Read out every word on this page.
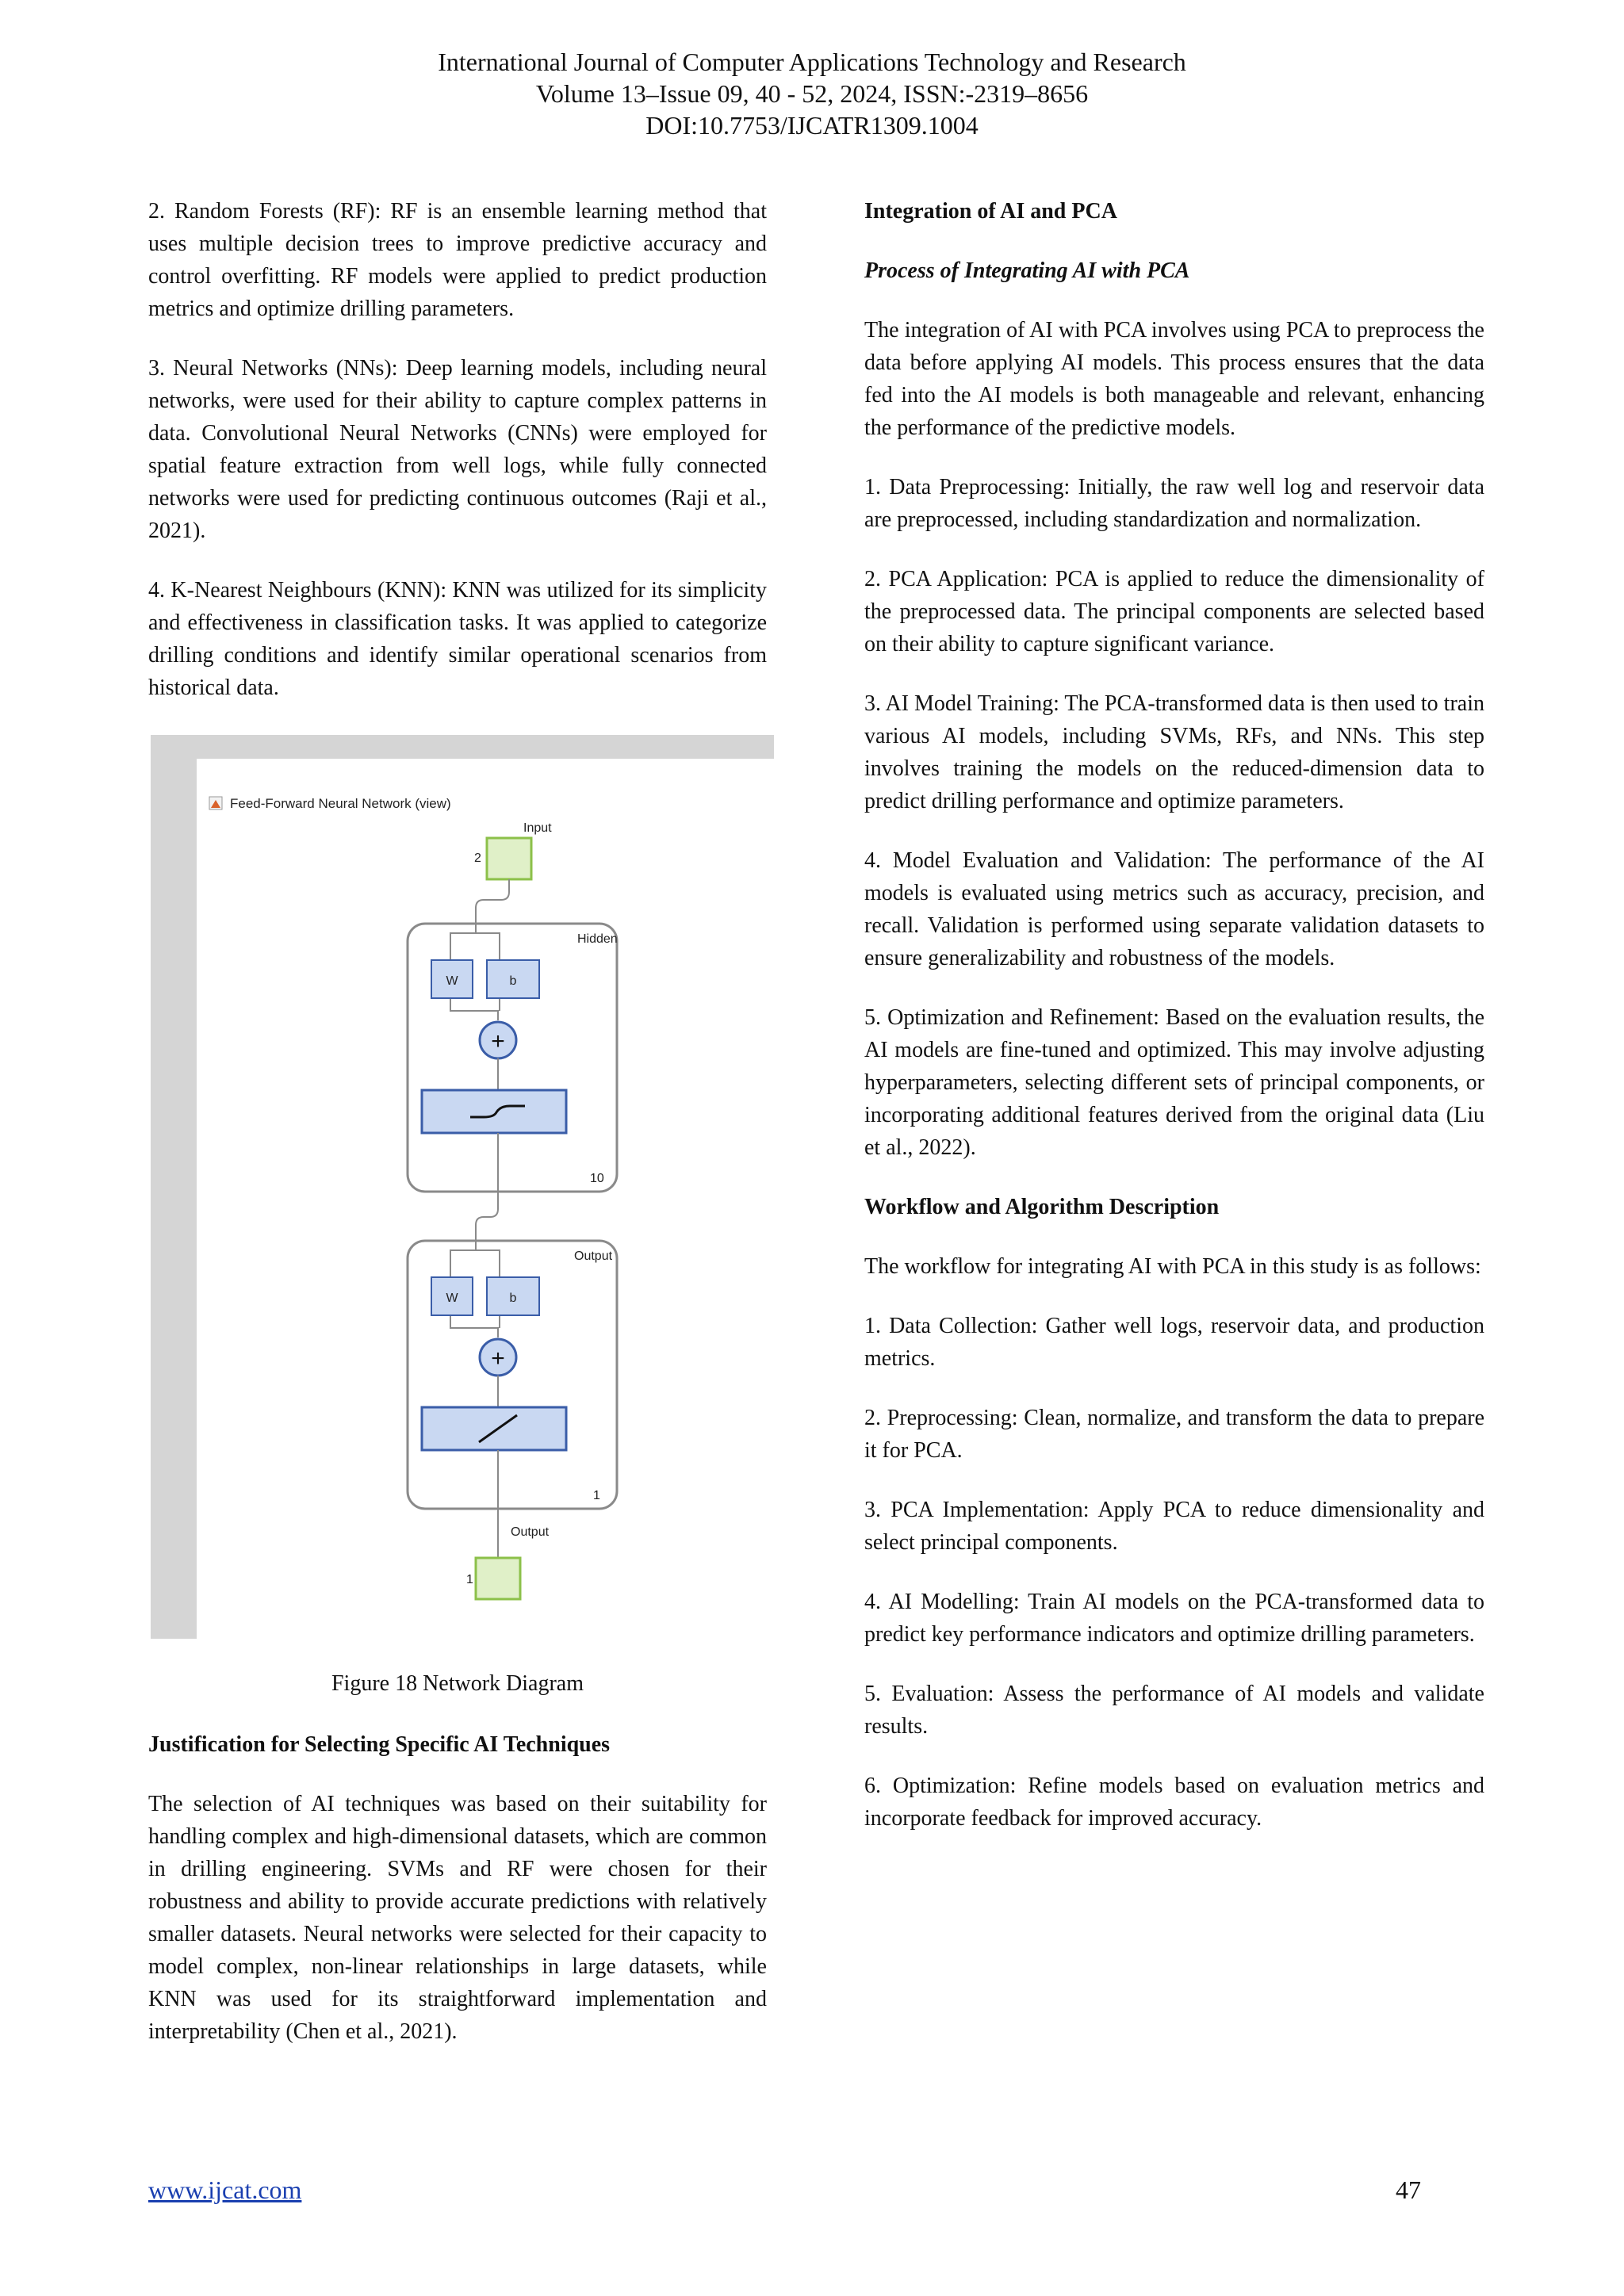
International Journal of Computer Applications Technology and Research
Volume 13–Issue 09, 40 - 52, 2024, ISSN:-2319–8656
DOI:10.7753/IJCATR1309.1004

2. Random Forests (RF): RF is an ensemble learning method that uses multiple decision trees to improve predictive accuracy and control overfitting. RF models were applied to predict production metrics and optimize drilling parameters.

3. Neural Networks (NNs): Deep learning models, including neural networks, were used for their ability to capture complex patterns in data. Convolutional Neural Networks (CNNs) were employed for spatial feature extraction from well logs, while fully connected networks were used for predicting continuous outcomes (Raji et al., 2021).

4. K-Nearest Neighbours (KNN): KNN was utilized for its simplicity and effectiveness in classification tasks. It was applied to categorize drilling conditions and identify similar operational scenarios from historical data.

Feed-Forward Neural Network (view)
Input
2
Hidden
10
W	b
+
Output
1
W	b
+
Output
1
Figure 18 Network Diagram

Justification for Selecting Specific AI Techniques

The selection of AI techniques was based on their suitability for handling complex and high-dimensional datasets, which are common in drilling engineering. SVMs and RF were chosen for their robustness and ability to provide accurate predictions with relatively smaller datasets. Neural networks were selected for their capacity to model complex, non-linear relationships in large datasets, while KNN was used for its straightforward implementation and interpretability (Chen et al., 2021).

Integration of AI and PCA

Process of Integrating AI with PCA

The integration of AI with PCA involves using PCA to preprocess the data before applying AI models. This process ensures that the data fed into the AI models is both manageable and relevant, enhancing the performance of the predictive models.

1. Data Preprocessing: Initially, the raw well log and reservoir data are preprocessed, including standardization and normalization.

2. PCA Application: PCA is applied to reduce the dimensionality of the preprocessed data. The principal components are selected based on their ability to capture significant variance.

3. AI Model Training: The PCA-transformed data is then used to train various AI models, including SVMs, RFs, and NNs. This step involves training the models on the reduced-dimension data to predict drilling performance and optimize parameters.

4. Model Evaluation and Validation: The performance of the AI models is evaluated using metrics such as accuracy, precision, and recall. Validation is performed using separate validation datasets to ensure generalizability and robustness of the models.

5. Optimization and Refinement: Based on the evaluation results, the AI models are fine-tuned and optimized. This may involve adjusting hyperparameters, selecting different sets of principal components, or incorporating additional features derived from the original data (Liu et al., 2022).

Workflow and Algorithm Description

The workflow for integrating AI with PCA in this study is as follows:

1. Data Collection: Gather well logs, reservoir data, and production metrics.

2. Preprocessing: Clean, normalize, and transform the data to prepare it for PCA.

3. PCA Implementation: Apply PCA to reduce dimensionality and select principal components.

4. AI Modelling: Train AI models on the PCA-transformed data to predict key performance indicators and optimize drilling parameters.

5. Evaluation: Assess the performance of AI models and validate results.

6. Optimization: Refine models based on evaluation metrics and incorporate feedback for improved accuracy.

www.ijcat.com	47
